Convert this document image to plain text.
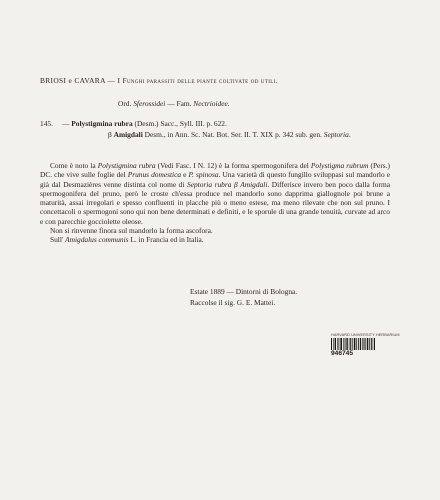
BRIOSI e CAVARA — I Funghi parassiti delle piante coltivate od utili.
Ord. Sferossidei — Fam. Nectrioidee.
145. — Polystigmina rubra (Desm.) Sacc., Syll. III. p. 622.
β Amigdali Desm., in Ann. Sc. Nat. Bot. Ser. II. T. XIX p. 342 sub. gen. Septoria.

Come è noto la Polystigmina rubra (Vedi Fasc. I N. 12) è la forma spermogonifera del Polystigma rubrum (Pers.) DC. che vive sulle foglie del Prunus domestica e P. spinosa. Una varietà di questo fungillo sviluppasi sul mandorlo e già dal Desmazières venne distinta col nome di Septoria rubra β Amigdali. Differisce invero ben poco dalla forma spermogonifera del pruno, però le croste ch'essa produce nel mandorlo sono dapprima giallognole poi brune a maturità, assai irregolari e spesso confluenti in placche più o meno estese, ma meno rilevate che non sul pruno. I concettacoli o spermogoni sono qui non bene determinati e definiti, e le sporule di una grande tenuità, curvate ad arco e con parecchie gocciolette oleose.

Non si rinvenne finora sul mandorlo la forma ascofora.

Sull' Amigdalus communis L. in Francia ed in Italia.

Estate 1889 — Dintorni di Bologna.
Raccolse il sig. G. E. Mattei.
HARVARD UNIVERSITY HERBARIUM
946745
